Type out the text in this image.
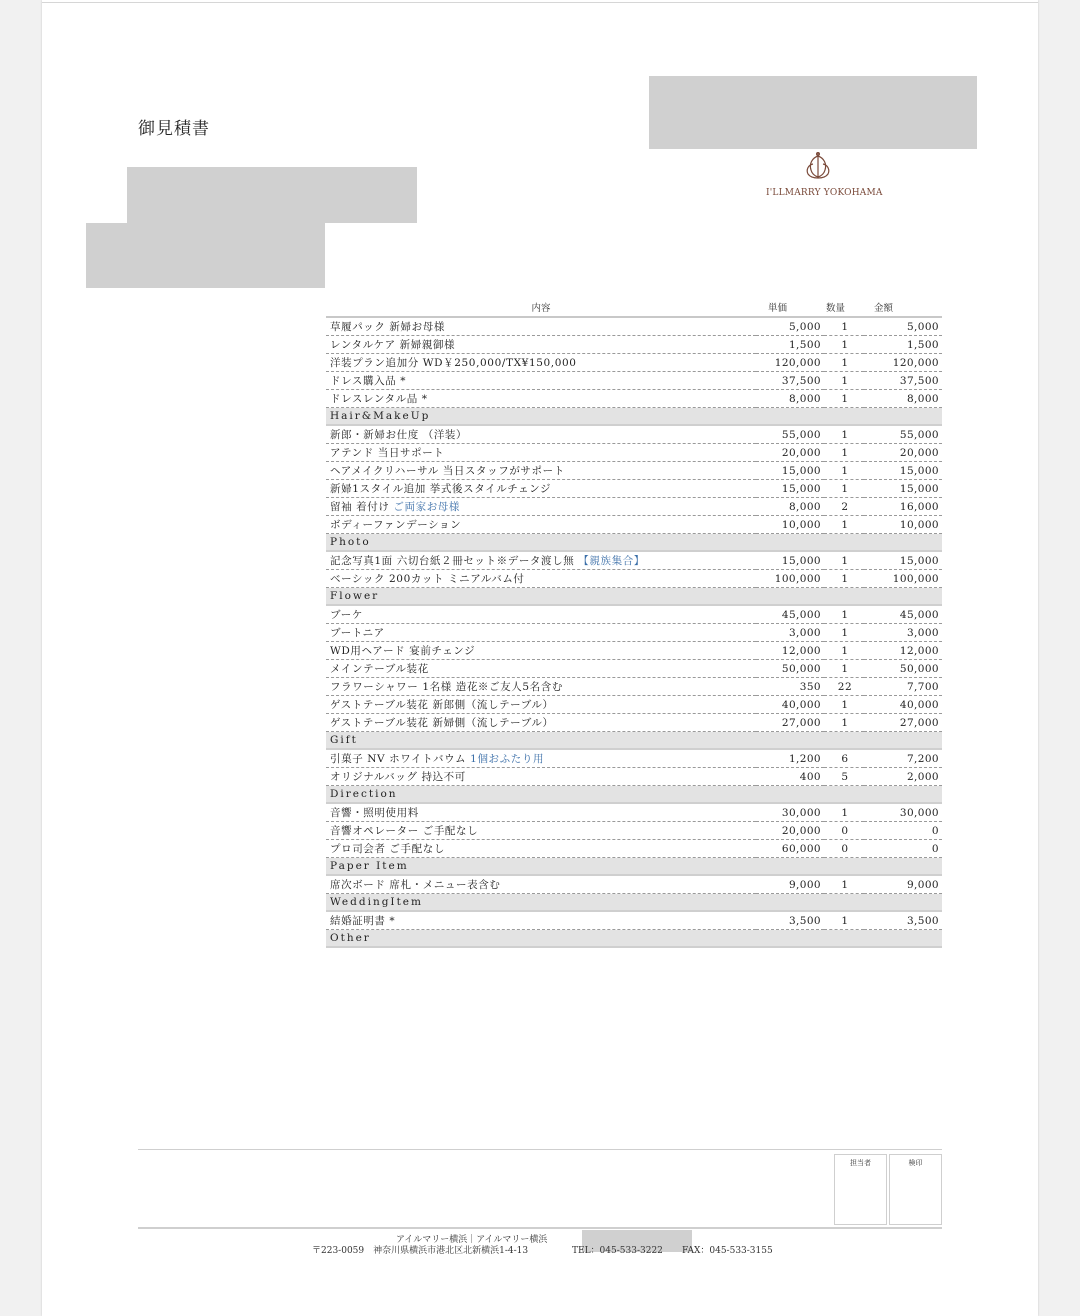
御見積書
I'LLMARRY YOKOHAMA
内容	単価	数量	金額
草履パック 新婦お母様	5,000	1	5,000
レンタルケア 新婦親御様	1,500	1	1,500
洋装プラン追加分 WD￥250,000/TX¥150,000	120,000	1	120,000
ドレス購入品 *	37,500	1	37,500
ドレスレンタル品 *	8,000	1	8,000
Hair&MakeUp			
新郎・新婦お仕度 （洋装）	55,000	1	55,000
アテンド 当日サポート	20,000	1	20,000
ヘアメイクリハーサル 当日スタッフがサポート	15,000	1	15,000
新婦1スタイル追加 挙式後スタイルチェンジ	15,000	1	15,000
留袖 着付け ご両家お母様	8,000	2	16,000
ボディーファンデーション	10,000	1	10,000
Photo			
記念写真1面 六切台紙２冊セット※データ渡し無 【親族集合】	15,000	1	15,000
ベーシック 200カット ミニアルバム付	100,000	1	100,000
Flower			
ブーケ	45,000	1	45,000
ブートニア	3,000	1	3,000
WD用ヘアード 宴前チェンジ	12,000	1	12,000
メインテーブル装花	50,000	1	50,000
フラワーシャワー 1名様 造花※ご友人5名含む	350	22	7,700
ゲストテーブル装花 新郎側（流しテーブル）	40,000	1	40,000
ゲストテーブル装花 新婦側（流しテーブル）	27,000	1	27,000
Gift			
引菓子 NV ホワイトバウム 1個おふたり用	1,200	6	7,200
オリジナルバッグ 持込不可	400	5	2,000
Direction			
音響・照明使用料	30,000	1	30,000
音響オペレーター ご手配なし	20,000	0	0
プロ司会者 ご手配なし	60,000	0	0
Paper Item			
席次ボード 席札・メニュー表含む	9,000	1	9,000
WeddingItem			
結婚証明書 *	3,500	1	3,500
Other			
担当者	検印
アイルマリー横浜｜アイルマリー横浜
〒223-0059　神奈川県横浜市港北区北新横浜1-4-13	TEL：045-533-3222 FAX：045-533-3155
